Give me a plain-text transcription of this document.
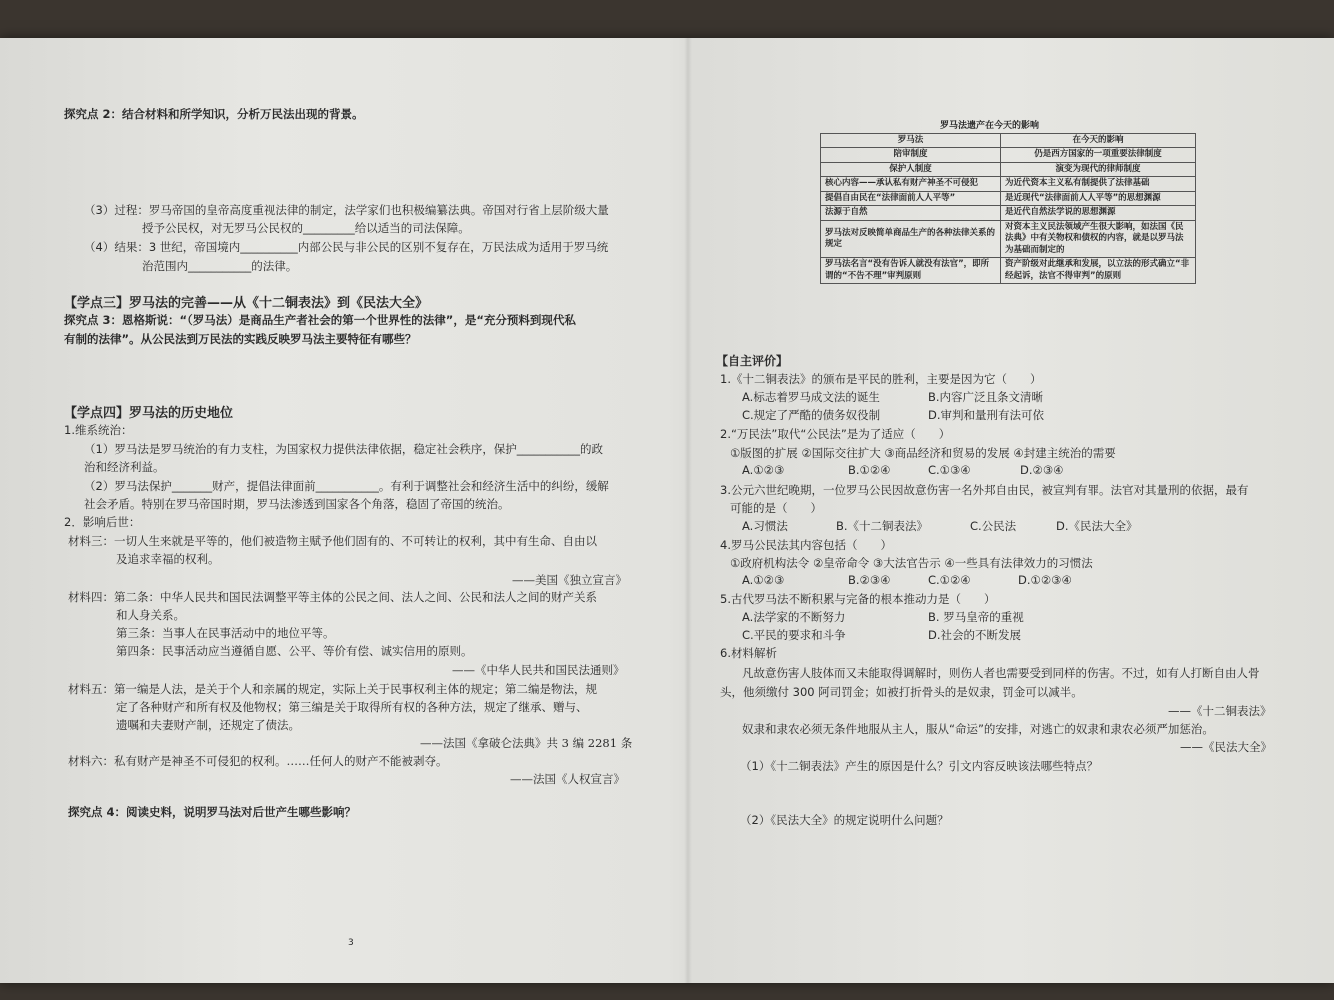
探究点 2：结合材料和所学知识，分析万民法出现的背景。
（3）过程：罗马帝国的皇帝高度重视法律的制定，法学家们也积极编纂法典。帝国对行省上层阶级大量
授予公民权，对无罗马公民权的_________给以适当的司法保障。
（4）结果：3 世纪，帝国境内__________内部公民与非公民的区别不复存在，万民法成为适用于罗马统
治范围内___________的法律。
【学点三】罗马法的完善——从《十二铜表法》到《民法大全》
探究点 3：恩格斯说：“（罗马法）是商品生产者社会的第一个世界性的法律”，是“充分预料到现代私
有制的法律”。从公民法到万民法的实践反映罗马法主要特征有哪些？
【学点四】罗马法的历史地位
1.维系统治：
（1）罗马法是罗马统治的有力支柱，为国家权力提供法律依据，稳定社会秩序，保护___________的政
治和经济利益。
（2）罗马法保护_______财产，提倡法律面前___________。有利于调整社会和经济生活中的纠纷，缓解
社会矛盾。特别在罗马帝国时期，罗马法渗透到国家各个角落，稳固了帝国的统治。
2．影响后世：
材料三：一切人生来就是平等的，他们被造物主赋予他们固有的、不可转让的权利，其中有生命、自由以
及追求幸福的权利。
——美国《独立宣言》
材料四：第二条：中华人民共和国民法调整平等主体的公民之间、法人之间、公民和法人之间的财产关系
和人身关系。
第三条：当事人在民事活动中的地位平等。
第四条：民事活动应当遵循自愿、公平、等价有偿、诚实信用的原则。
——《中华人民共和国民法通则》
材料五：第一编是人法，是关于个人和亲属的规定，实际上关于民事权利主体的规定；第二编是物法，规
定了各种财产和所有权及他物权；第三编是关于取得所有权的各种方法，规定了继承、赠与、
遗嘱和夫妻财产制，还规定了债法。
——法国《拿破仑法典》共 3 编 2281 条
材料六：私有财产是神圣不可侵犯的权利。……任何人的财产不能被剥夺。
——法国《人权宣言》
探究点 4：阅读史料，说明罗马法对后世产生哪些影响？
3
罗马法遗产在今天的影响
罗马法	在今天的影响
陪审制度	仍是西方国家的一项重要法律制度
保护人制度	演变为现代的律师制度
核心内容——承认私有财产神圣不可侵犯	为近代资本主义私有制提供了法律基础
提倡自由民在“法律面前人人平等”	是近现代“法律面前人人平等”的思想渊源
法源于自然	是近代自然法学说的思想渊源
罗马法对反映简单商品生产的各种法律关系的规定	对资本主义民法领域产生很大影响，如法国《民法典》中有关物权和债权的内容，就是以罗马法为基础而制定的
罗马法名言“没有告诉人就没有法官”，即所谓的“不告不理”审判原则	资产阶级对此继承和发展，以立法的形式确立“非经起诉，法官不得审判”的原则
【自主评价】
1.《十二铜表法》的颁布是平民的胜利，主要是因为它（　　）
A.标志着罗马成文法的诞生	B.内容广泛且条文清晰
C.规定了严酷的债务奴役制	D.审判和量刑有法可依
2.“万民法”取代“公民法”是为了适应（　　）
①版图的扩展 ②国际交往扩大 ③商品经济和贸易的发展 ④封建主统治的需要
A.①②③	B.①②④	C.①③④	D.②③④
3.公元六世纪晚期，一位罗马公民因故意伤害一名外邦自由民，被宣判有罪。法官对其量刑的依据，最有
可能的是（　　）
A.习惯法	B.《十二铜表法》	C.公民法	D.《民法大全》
4.罗马公民法其内容包括（　　）
①政府机构法令 ②皇帝命令 ③大法官告示 ④一些具有法律效力的习惯法
A.①②③	B.②③④	C.①②④	D.①②③④
5.古代罗马法不断积累与完备的根本推动力是（　　）
A.法学家的不断努力	B. 罗马皇帝的重视
C.平民的要求和斗争	D.社会的不断发展
6.材料解析
凡故意伤害人肢体而又未能取得调解时，则伤人者也需要受到同样的伤害。不过，如有人打断自由人骨
头，他须缴付 300 阿司罚金；如被打折骨头的是奴隶，罚金可以减半。
——《十二铜表法》
奴隶和隶农必须无条件地服从主人，服从“命运”的安排，对逃亡的奴隶和隶农必须严加惩治。
——《民法大全》
（1）《十二铜表法》产生的原因是什么？引文内容反映该法哪些特点？
（2）《民法大全》的规定说明什么问题？
